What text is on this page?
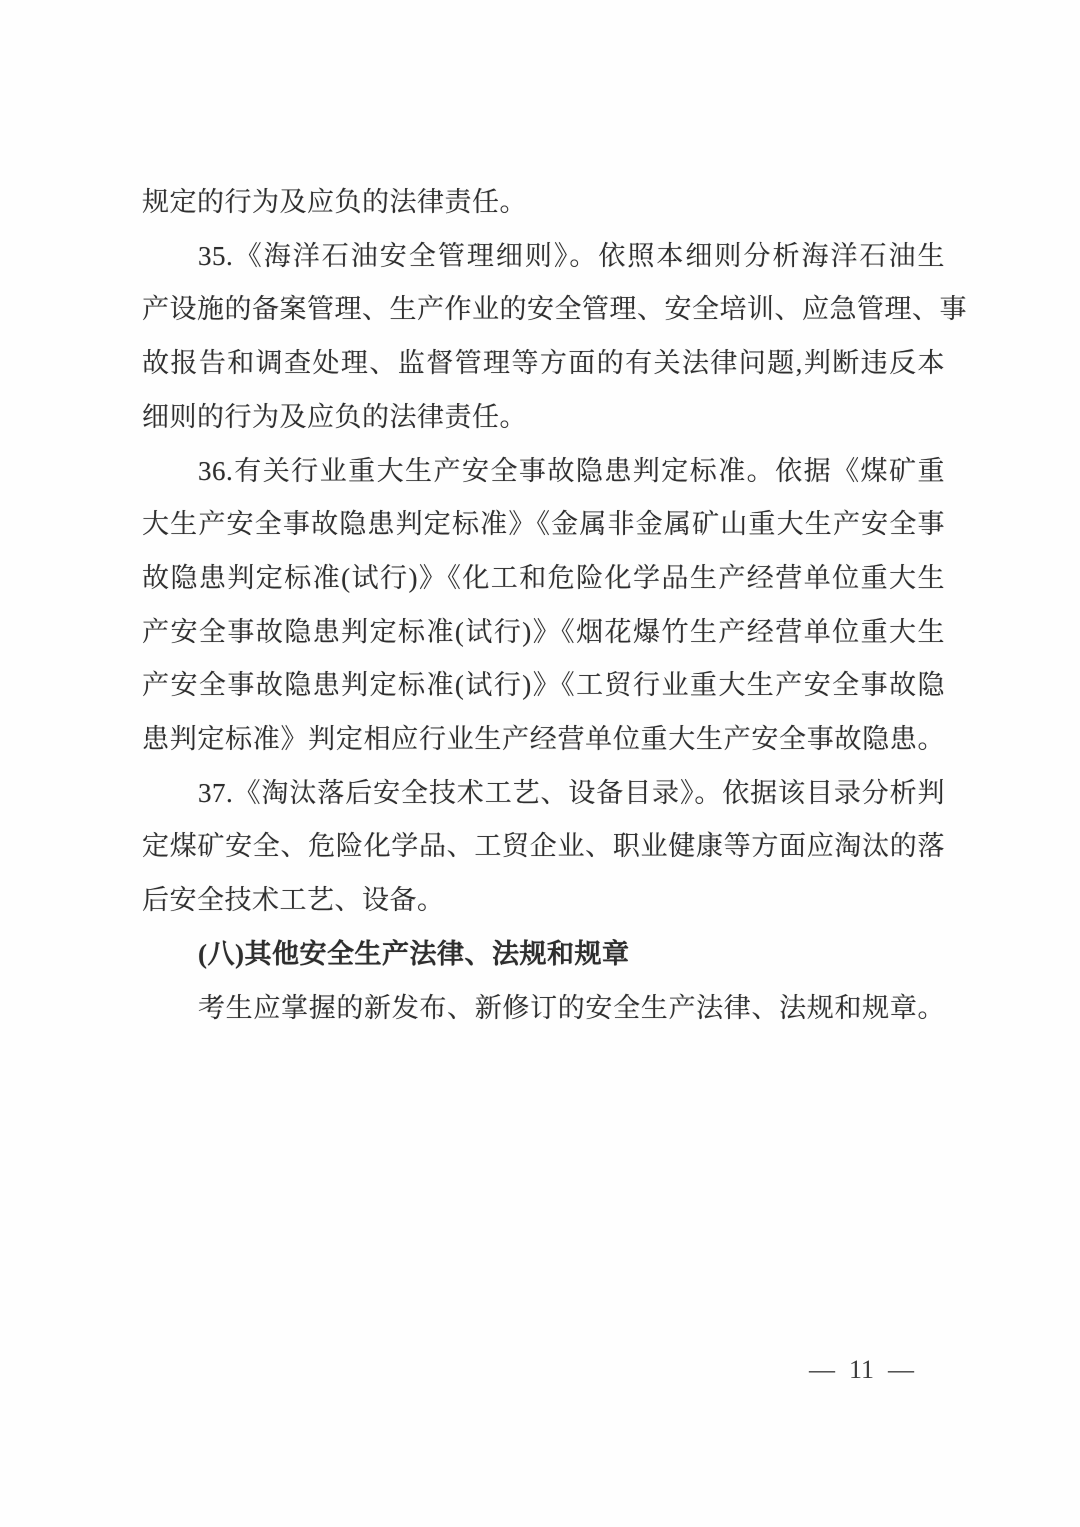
规定的行为及应负的法律责任。
35.《海洋石油安全管理细则》。依照本细则分析海洋石油生
产设施的备案管理、生产作业的安全管理、安全培训、应急管理、事
故报告和调查处理、监督管理等方面的有关法律问题,判断违反本
细则的行为及应负的法律责任。
36.有关行业重大生产安全事故隐患判定标准。依据《煤矿重
大生产安全事故隐患判定标准》《金属非金属矿山重大生产安全事
故隐患判定标准(试行)》《化工和危险化学品生产经营单位重大生
产安全事故隐患判定标准(试行)》《烟花爆竹生产经营单位重大生
产安全事故隐患判定标准(试行)》《工贸行业重大生产安全事故隐
患判定标准》判定相应行业生产经营单位重大生产安全事故隐患。
37.《淘汰落后安全技术工艺、设备目录》。依据该目录分析判
定煤矿安全、危险化学品、工贸企业、职业健康等方面应淘汰的落
后安全技术工艺、设备。
(八)其他安全生产法律、法规和规章
考生应掌握的新发布、新修订的安全生产法律、法规和规章。
— 11 —
